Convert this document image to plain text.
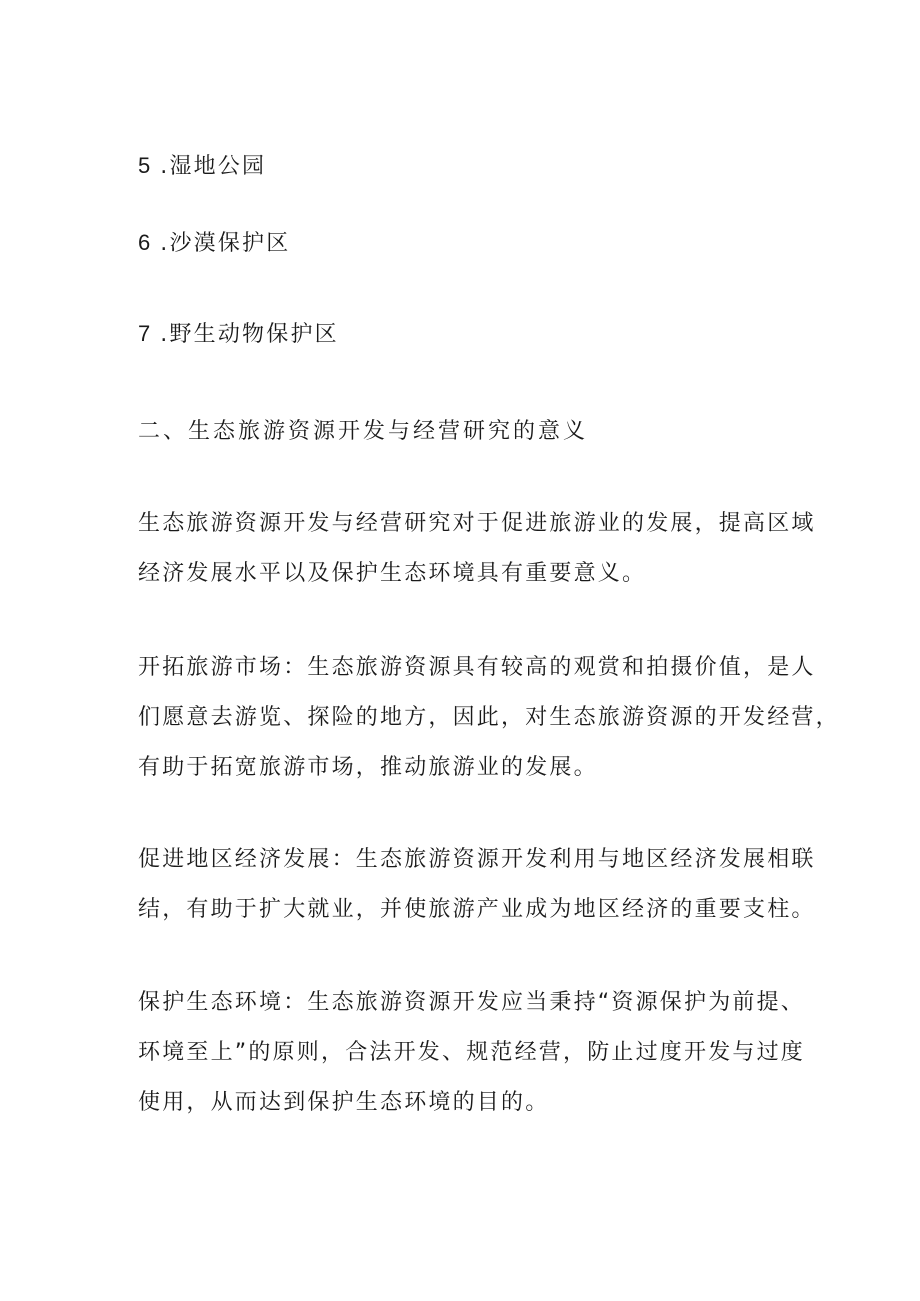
5 .湿地公园
6 .沙漠保护区
7 .野生动物保护区
二、生态旅游资源开发与经营研究的意义
生态旅游资源开发与经营研究对于促进旅游业的发展，提高区域
经济发展水平以及保护生态环境具有重要意义。
开拓旅游市场：生态旅游资源具有较高的观赏和拍摄价值，是人
们愿意去游览、探险的地方，因此，对生态旅游资源的开发经营，
有助于拓宽旅游市场，推动旅游业的发展。
促进地区经济发展：生态旅游资源开发利用与地区经济发展相联
结，有助于扩大就业，并使旅游产业成为地区经济的重要支柱。
保护生态环境：生态旅游资源开发应当秉持“资源保护为前提、
环境至上”的原则，合法开发、规范经营，防止过度开发与过度
使用，从而达到保护生态环境的目的。
